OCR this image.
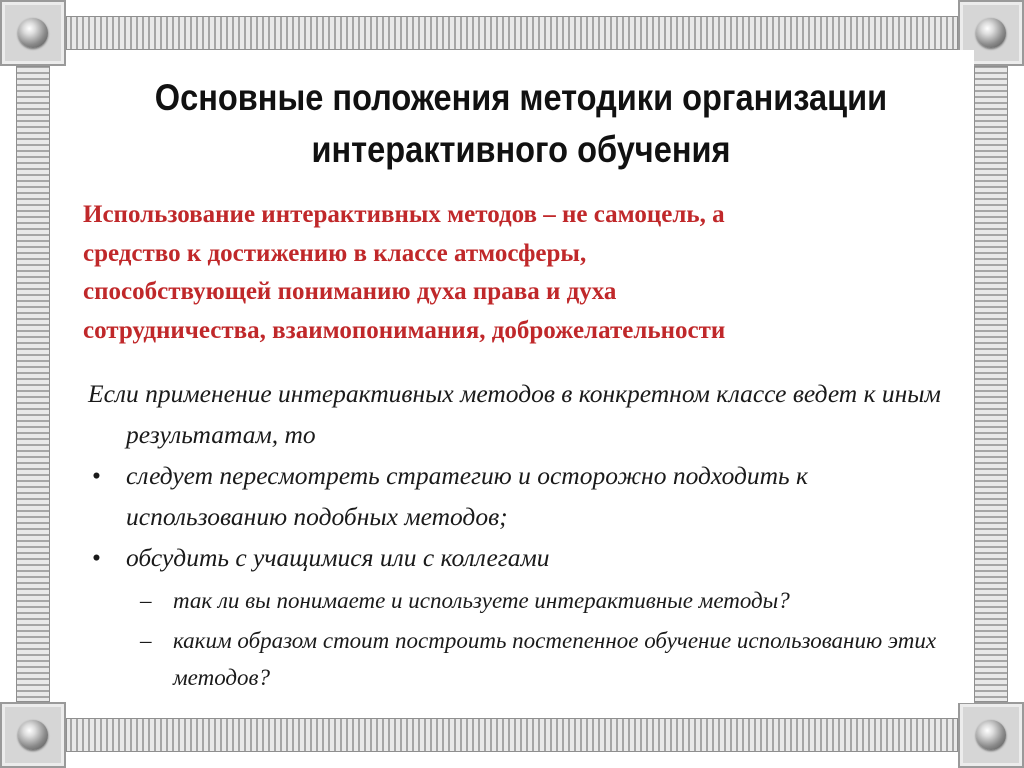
Основные положения методики организации
интерактивного обучения

Использование интерактивных методов – не самоцель, а
средство к достижению в классе атмосферы,
способствующей пониманию духа права и духа
сотрудничества, взаимопонимания, доброжелательности

Если применение интерактивных методов в конкретном классе ведет к иным результатам, то

• следует пересмотреть стратегию и осторожно подходить к использованию подобных методов;
• обсудить с учащимися или с коллегами
– так ли вы понимаете и используете интерактивные методы?
– каким образом стоит построить постепенное обучение использованию этих методов?
